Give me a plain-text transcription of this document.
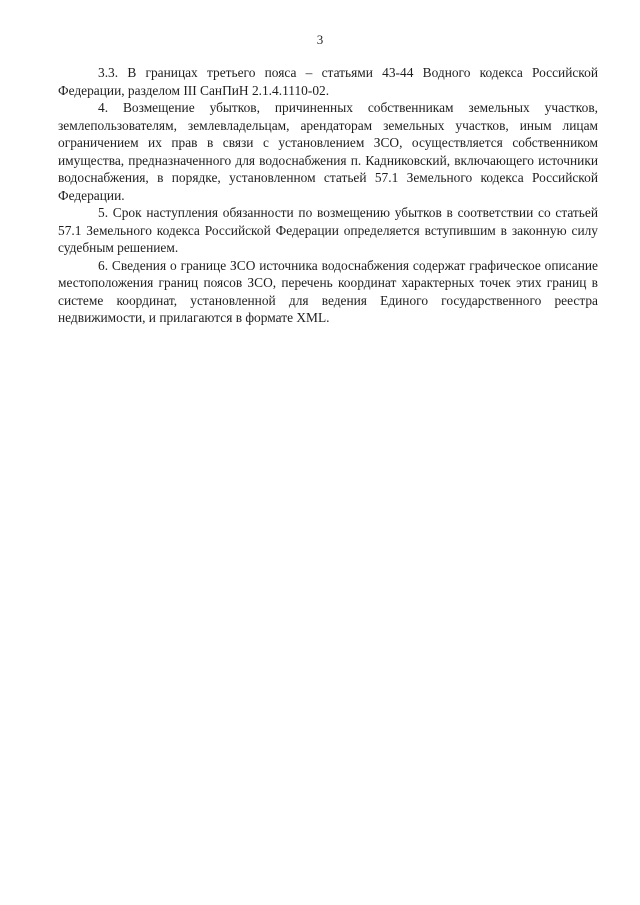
3

3.3. В границах третьего пояса – статьями 43-44 Водного кодекса Российской Федерации, разделом III СанПиН 2.1.4.1110-02.

4. Возмещение убытков, причиненных собственникам земельных участков, землепользователям, землевладельцам, арендаторам земельных участков, иным лицам ограничением их прав в связи с установлением ЗСО, осуществляется собственником имущества, предназначенного для водоснабжения п. Кадниковский, включающего источники водоснабжения, в порядке, установленном статьей 57.1 Земельного кодекса Российской Федерации.

5. Срок наступления обязанности по возмещению убытков в соответствии со статьей 57.1 Земельного кодекса Российской Федерации определяется вступившим в законную силу судебным решением.

6. Сведения о границе ЗСО источника водоснабжения содержат графическое описание местоположения границ поясов ЗСО, перечень координат характерных точек этих границ в системе координат, установленной для ведения Единого государственного реестра недвижимости, и прилагаются в формате XML.
